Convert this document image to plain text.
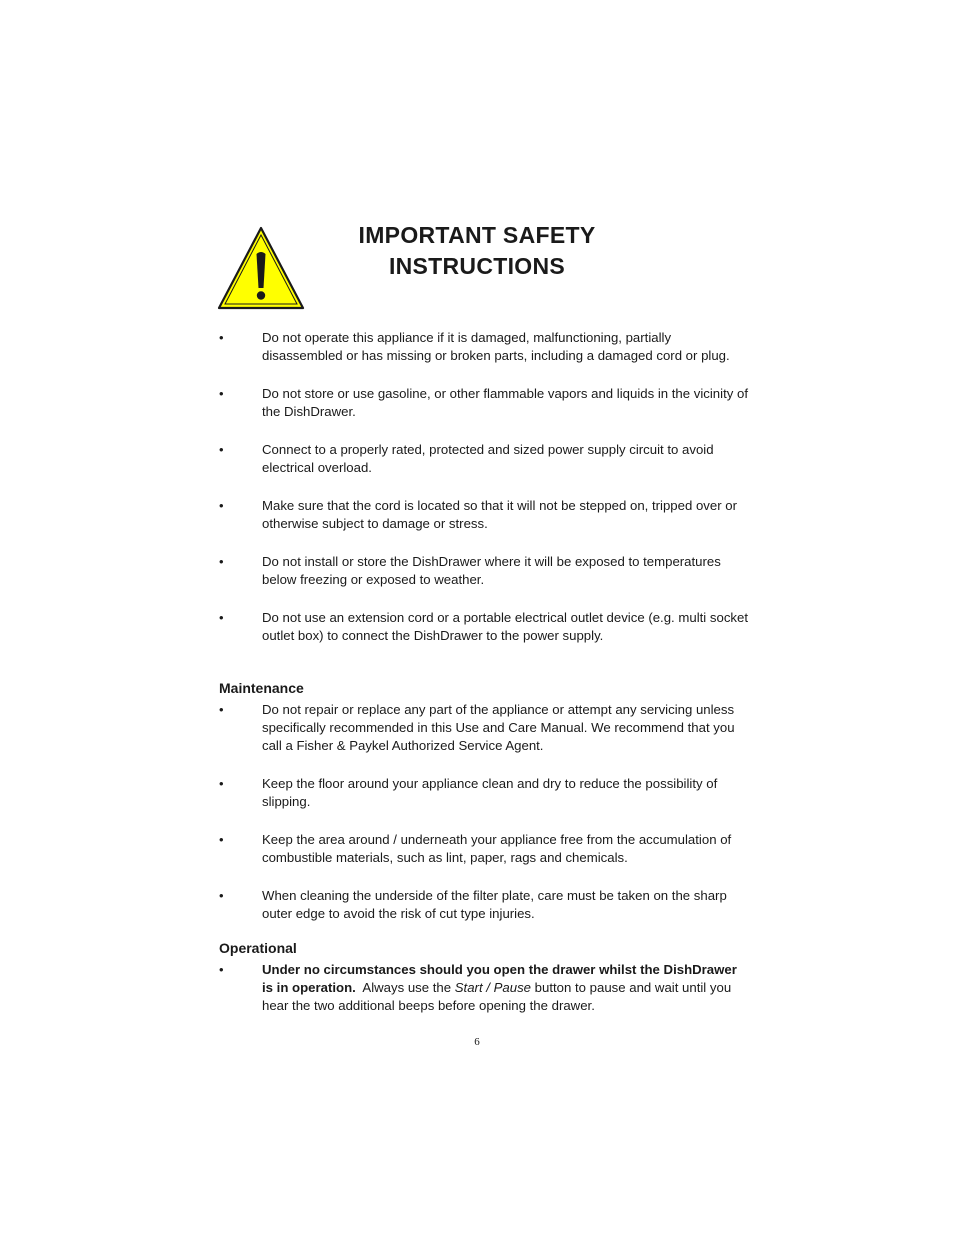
IMPORTANT SAFETY
INSTRUCTIONS
•	Do not operate this appliance if it is damaged, malfunctioning, partially disassembled or has missing or broken parts, including a damaged cord or plug.
•	Do not store or use gasoline, or other flammable vapors and liquids in the vicinity of the DishDrawer.
•	Connect to a properly rated, protected and sized power supply circuit to avoid electrical overload.
•	Make sure that the cord is located so that it will not be stepped on, tripped over or otherwise subject to damage or stress.
•	Do not install or store the DishDrawer where it will be exposed to temperatures below freezing or exposed to weather.
•	Do not use an extension cord or a portable electrical outlet device (e.g. multi socket outlet box) to connect the DishDrawer to the power supply.
Maintenance
•	Do not repair or replace any part of the appliance or attempt any servicing unless specifically recommended in this Use and Care Manual. We recommend that you call a Fisher & Paykel Authorized Service Agent.
•	Keep the floor around your appliance clean and dry to reduce the possibility of slipping.
•	Keep the area around / underneath your appliance free from the accumulation of combustible materials, such as lint, paper, rags and chemicals.
•	When cleaning the underside of the filter plate, care must be taken on the sharp outer edge to avoid the risk of cut type injuries.
Operational
•	Under no circumstances should you open the drawer whilst the DishDrawer is in operation.  Always use the Start / Pause button to pause and wait until you hear the two additional beeps before opening the drawer.
6
